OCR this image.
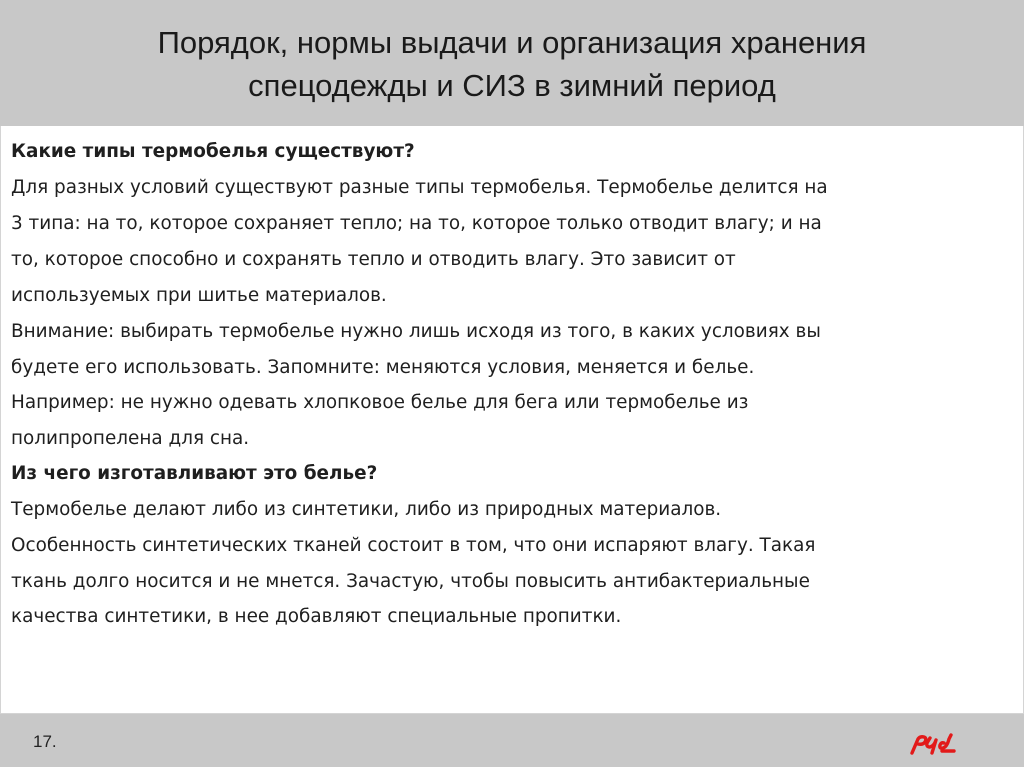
Порядок, нормы выдачи и организация хранения
спецодежды и СИЗ в зимний период
Какие типы термобелья существуют?
Для разных условий существуют разные типы термобелья. Термобелье делится на
3 типа: на то, которое сохраняет тепло; на то, которое только отводит влагу; и на
то, которое способно и сохранять тепло и отводить влагу. Это зависит от
используемых при шитье материалов.
Внимание: выбирать термобелье нужно лишь исходя из того, в каких условиях вы
будете его использовать. Запомните: меняются условия, меняется и белье.
Например: не нужно одевать хлопковое белье для бега или термобелье из
полипропелена для сна.
Из чего изготавливают это белье?
Термобелье делают либо из синтетики, либо из природных материалов.
Особенность синтетических тканей состоит в том, что они испаряют влагу. Такая
ткань долго носится и не мнется. Зачастую, чтобы повысить антибактериальные
качества синтетики, в нее добавляют специальные пропитки.
17.
